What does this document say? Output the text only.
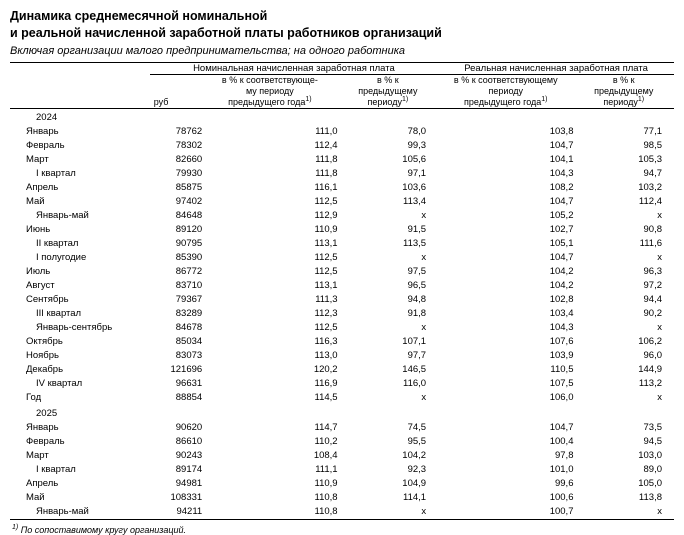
Динамика среднемесячной номинальной
и реальной начисленной заработной платы работников организаций
Включая организации малого предпринимательства; на одного работника
	Номинальная начисленная заработная плата			Реальная начисленная заработная плата	
	руб	в % к соответствующе-
му периоду
предыдущего года$^{1)}$	в % к
предыдущему
периоду$^{1)}$	в % к соответствующему
периоду
предыдущего года$^{1)}$	в % к
предыдущему
периоду$^{1)}$
2024					
Январь	78762	111,0	78,0	103,8	77,1
Февраль	78302	112,4	99,3	104,7	98,5
Март	82660	111,8	105,6	104,1	105,3
I квартал	79930	111,8	97,1	104,3	94,7
Апрель	85875	116,1	103,6	108,2	103,2
Май	97402	112,5	113,4	104,7	112,4
Январь-май	84648	112,9	х	105,2	х
Июнь	89120	110,9	91,5	102,7	90,8
II квартал	90795	113,1	113,5	105,1	111,6
I полугодие	85390	112,5	х	104,7	х
Июль	86772	112,5	97,5	104,2	96,3
Август	83710	113,1	96,5	104,2	97,2
Сентябрь	79367	111,3	94,8	102,8	94,4
III квартал	83289	112,3	91,8	103,4	90,2
Январь-сентябрь	84678	112,5	х	104,3	х
Октябрь	85034	116,3	107,1	107,6	106,2
Ноябрь	83073	113,0	97,7	103,9	96,0
Декабрь	121696	120,2	146,5	110,5	144,9
IV квартал	96631	116,9	116,0	107,5	113,2
Год	88854	114,5	х	106,0	х
2025					
Январь	90620	114,7	74,5	104,7	73,5
Февраль	86610	110,2	95,5	100,4	94,5
Март	90243	108,4	104,2	97,8	103,0
I квартал	89174	111,1	92,3	101,0	89,0
Апрель	94981	110,9	104,9	99,6	105,0
Май	108331	110,8	114,1	100,6	113,8
Январь-май	94211	110,8	х	100,7	х
$^{1)}$ По сопоставимому кругу организаций.
